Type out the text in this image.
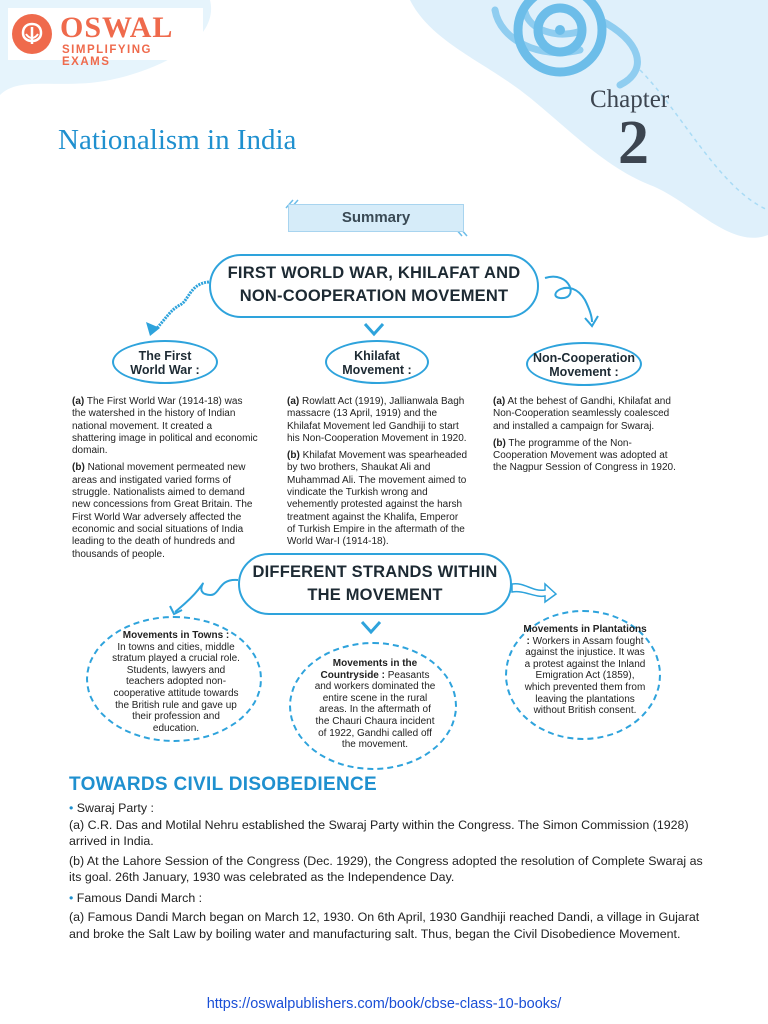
OSWAL
SIMPLIFYING EXAMS
Chapter
2
Nationalism in India
Summary
FIRST WORLD WAR, KHILAFAT AND
NON-COOPERATION MOVEMENT
The First
World War :
Khilafat
Movement :
Non-Cooperation
Movement :

(a) The First World War (1914-18) was the watershed in the history of Indian national movement. It created a shattering image in political and economic domain.

(b) National movement permeated new areas and instigated varied forms of struggle. Nationalists aimed to demand new concessions from Great Britain. The First World War adversely affected the economic and social situations of India leading to the death of hundreds and thousands of people.

(a) Rowlatt Act (1919), Jallianwala Bagh massacre (13 April, 1919) and the Khilafat Movement led Gandhiji to start his Non-Cooperation Movement in 1920.

(b) Khilafat Movement was spearheaded by two brothers, Shaukat Ali and Muhammad Ali. The movement aimed to vindicate the Turkish wrong and vehemently protested against the harsh treatment against the Khalifa, Emperor of Turkish Empire in the aftermath of the World War-I (1914-18).

(a) At the behest of Gandhi, Khilafat and Non-Cooperation seamlessly coalesced and installed a campaign for Swaraj.

(b) The programme of the Non-Cooperation Movement was adopted at the Nagpur Session of Congress in 1920.

DIFFERENT STRANDS WITHIN
THE MOVEMENT
Movements in Towns :
In towns and cities, middle stratum played a crucial role. Students, lawyers and teachers adopted non-cooperative attitude towards the British rule and gave up their profession and education.
Movements in the Countryside : Peasants and workers dominated the entire scene in the rural areas. In the aftermath of the Chauri Chaura incident of 1922, Gandhi called off the movement.
Movements in Plantations : Workers in Assam fought against the injustice. It was a protest against the Inland Emigration Act (1859), which prevented them from leaving the plantations without British consent.
TOWARDS CIVIL DISOBEDIENCE
• Swaraj Party :
(a) C.R. Das and Motilal Nehru established the Swaraj Party within the Congress. The Simon Commission (1928) arrived in India.
(b) At the Lahore Session of the Congress (Dec. 1929), the Congress adopted the resolution of Complete Swaraj as its goal. 26th January, 1930 was celebrated as the Independence Day.
• Famous Dandi March :
(a) Famous Dandi March began on March 12, 1930. On 6th April, 1930 Gandhiji reached Dandi, a village in Gujarat and broke the Salt Law by boiling water and manufacturing salt. Thus, began the Civil Disobedience Movement.
https://oswalpublishers.com/book/cbse-class-10-books/
